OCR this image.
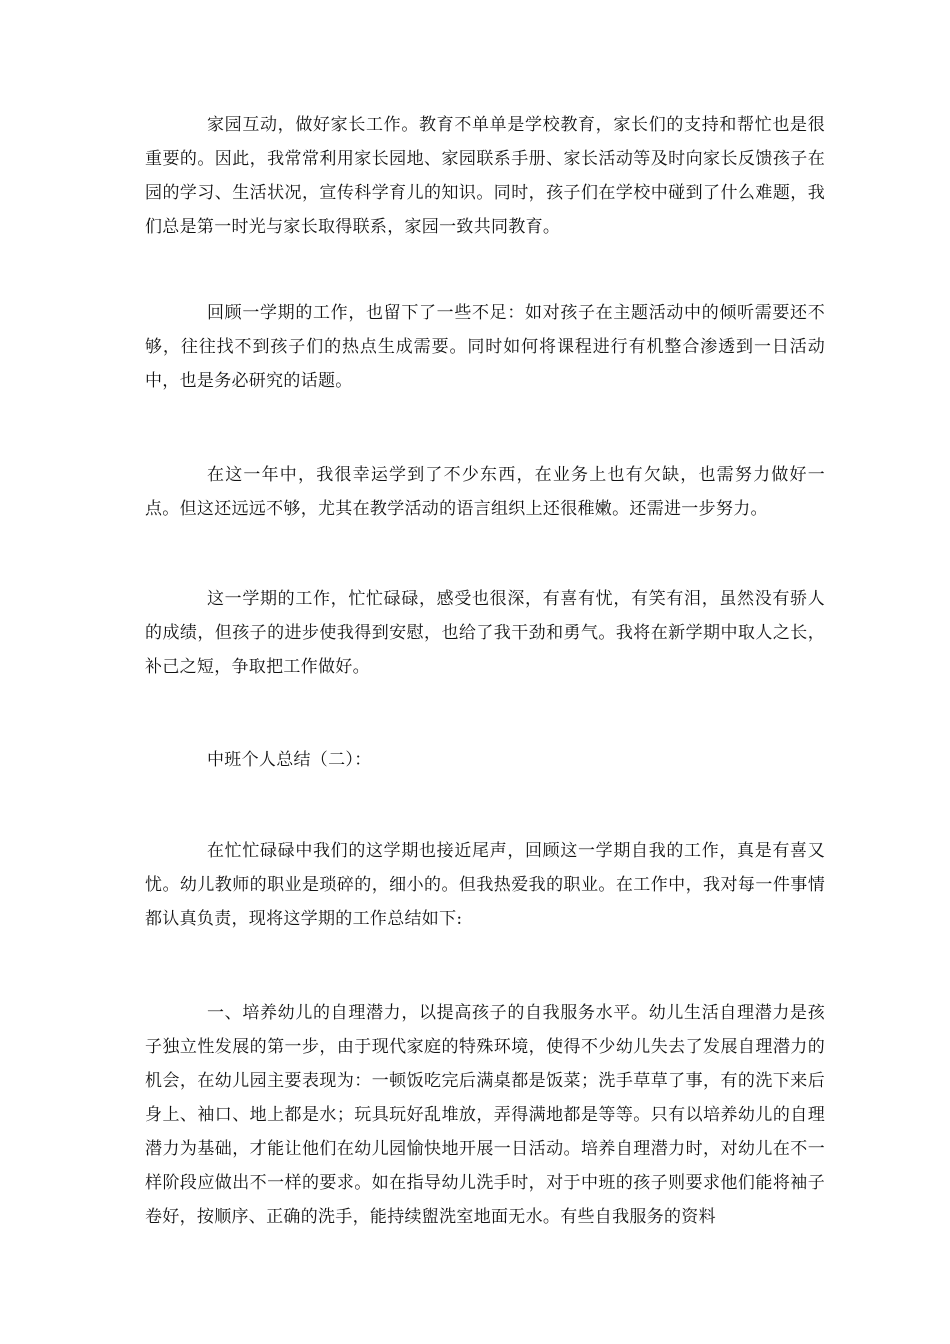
家园互动，做好家长工作。教育不单单是学校教育，家长们的支持和帮忙也是很重要的。因此，我常常利用家长园地、家园联系手册、家长活动等及时向家长反馈孩子在园的学习、生活状况，宣传科学育儿的知识。同时，孩子们在学校中碰到了什么难题，我们总是第一时光与家长取得联系，家园一致共同教育。

回顾一学期的工作，也留下了一些不足：如对孩子在主题活动中的倾听需要还不够，往往找不到孩子们的热点生成需要。同时如何将课程进行有机整合渗透到一日活动中，也是务必研究的话题。

在这一年中，我很幸运学到了不少东西，在业务上也有欠缺，也需努力做好一点。但这还远远不够，尤其在教学活动的语言组织上还很稚嫩。还需进一步努力。

这一学期的工作，忙忙碌碌，感受也很深，有喜有忧，有笑有泪，虽然没有骄人的成绩，但孩子的进步使我得到安慰，也给了我干劲和勇气。我将在新学期中取人之长，补己之短，争取把工作做好。

中班个人总结（二）：

在忙忙碌碌中我们的这学期也接近尾声，回顾这一学期自我的工作，真是有喜又忧。幼儿教师的职业是琐碎的，细小的。但我热爱我的职业。在工作中，我对每一件事情都认真负责，现将这学期的工作总结如下:

一、培养幼儿的自理潜力，以提高孩子的自我服务水平。幼儿生活自理潜力是孩子独立性发展的第一步，由于现代家庭的特殊环境，使得不少幼儿失去了发展自理潜力的机会，在幼儿园主要表现为：一顿饭吃完后满桌都是饭菜；洗手草草了事，有的洗下来后身上、袖口、地上都是水；玩具玩好乱堆放，弄得满地都是等等。只有以培养幼儿的自理潜力为基础，才能让他们在幼儿园愉快地开展一日活动。培养自理潜力时，对幼儿在不一样阶段应做出不一样的要求。如在指导幼儿洗手时，对于中班的孩子则要求他们能将袖子卷好，按顺序、正确的洗手，能持续盥洗室地面无水。有些自我服务的资料
